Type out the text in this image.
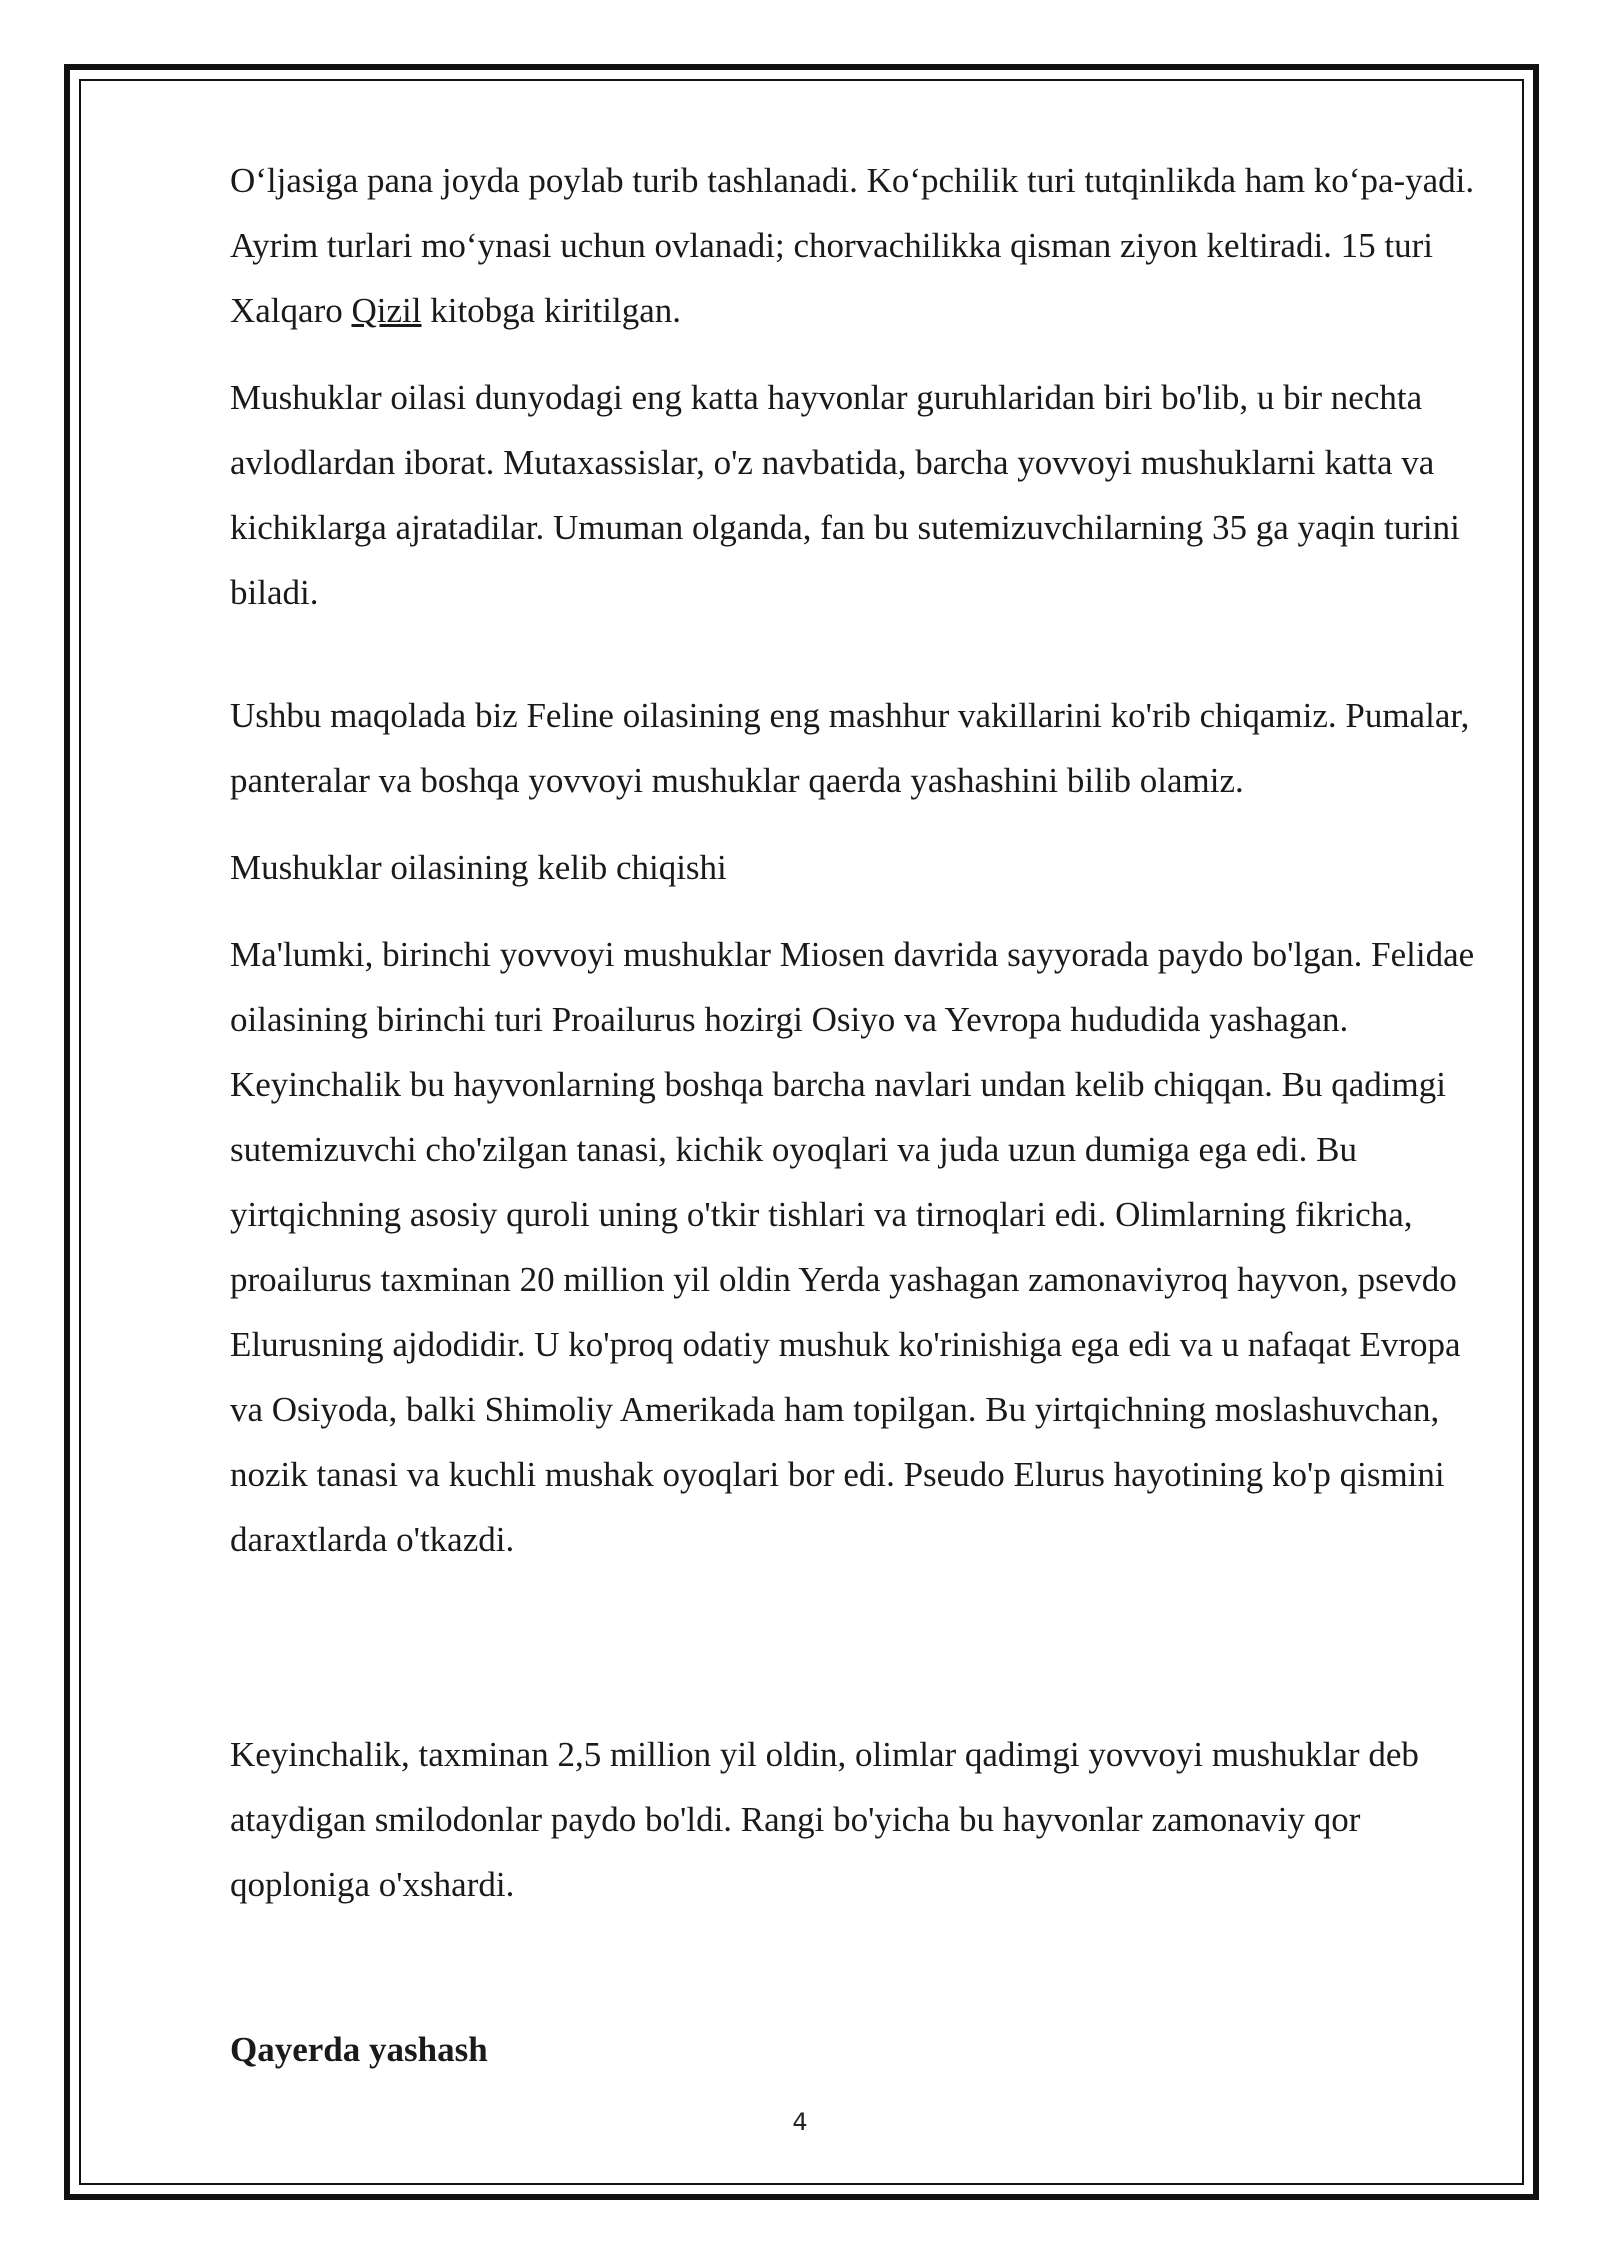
O‘ljasiga pana joyda poylab turib tashlanadi. Ko‘pchilik turi tutqinlikda ham ko‘pa-yadi. Ayrim turlari mo‘ynasi uchun ovlanadi; chorvachilikka qisman ziyon keltiradi. 15 turi Xalqaro Qizil kitobga kiritilgan.

Mushuklar oilasi dunyodagi eng katta hayvonlar guruhlaridan biri bo'lib, u bir nechta avlodlardan iborat. Mutaxassislar, o'z navbatida, barcha yovvoyi mushuklarni katta va kichiklarga ajratadilar. Umuman olganda, fan bu sutemizuvchilarning 35 ga yaqin turini biladi.

Ushbu maqolada biz Feline oilasining eng mashhur vakillarini ko'rib chiqamiz. Pumalar, panteralar va boshqa yovvoyi mushuklar qaerda yashashini bilib olamiz.

Mushuklar oilasining kelib chiqishi

Ma'lumki, birinchi yovvoyi mushuklar Miosen davrida sayyorada paydo bo'lgan. Felidae oilasining birinchi turi Proailurus hozirgi Osiyo va Yevropa hududida yashagan. Keyinchalik bu hayvonlarning boshqa barcha navlari undan kelib chiqqan. Bu qadimgi sutemizuvchi cho'zilgan tanasi, kichik oyoqlari va juda uzun dumiga ega edi. Bu yirtqichning asosiy quroli uning o'tkir tishlari va tirnoqlari edi. Olimlarning fikricha, proailurus taxminan 20 million yil oldin Yerda yashagan zamonaviyroq hayvon, psevdo Elurusning ajdodidir. U ko'proq odatiy mushuk ko'rinishiga ega edi va u nafaqat Evropa va Osiyoda, balki Shimoliy Amerikada ham topilgan. Bu yirtqichning moslashuvchan, nozik tanasi va kuchli mushak oyoqlari bor edi. Pseudo Elurus hayotining ko'p qismini daraxtlarda o'tkazdi.

Keyinchalik, taxminan 2,5 million yil oldin, olimlar qadimgi yovvoyi mushuklar deb ataydigan smilodonlar paydo bo'ldi. Rangi bo'yicha bu hayvonlar zamonaviy qor qoploniga o'xshardi.

Qayerda yashash

4
